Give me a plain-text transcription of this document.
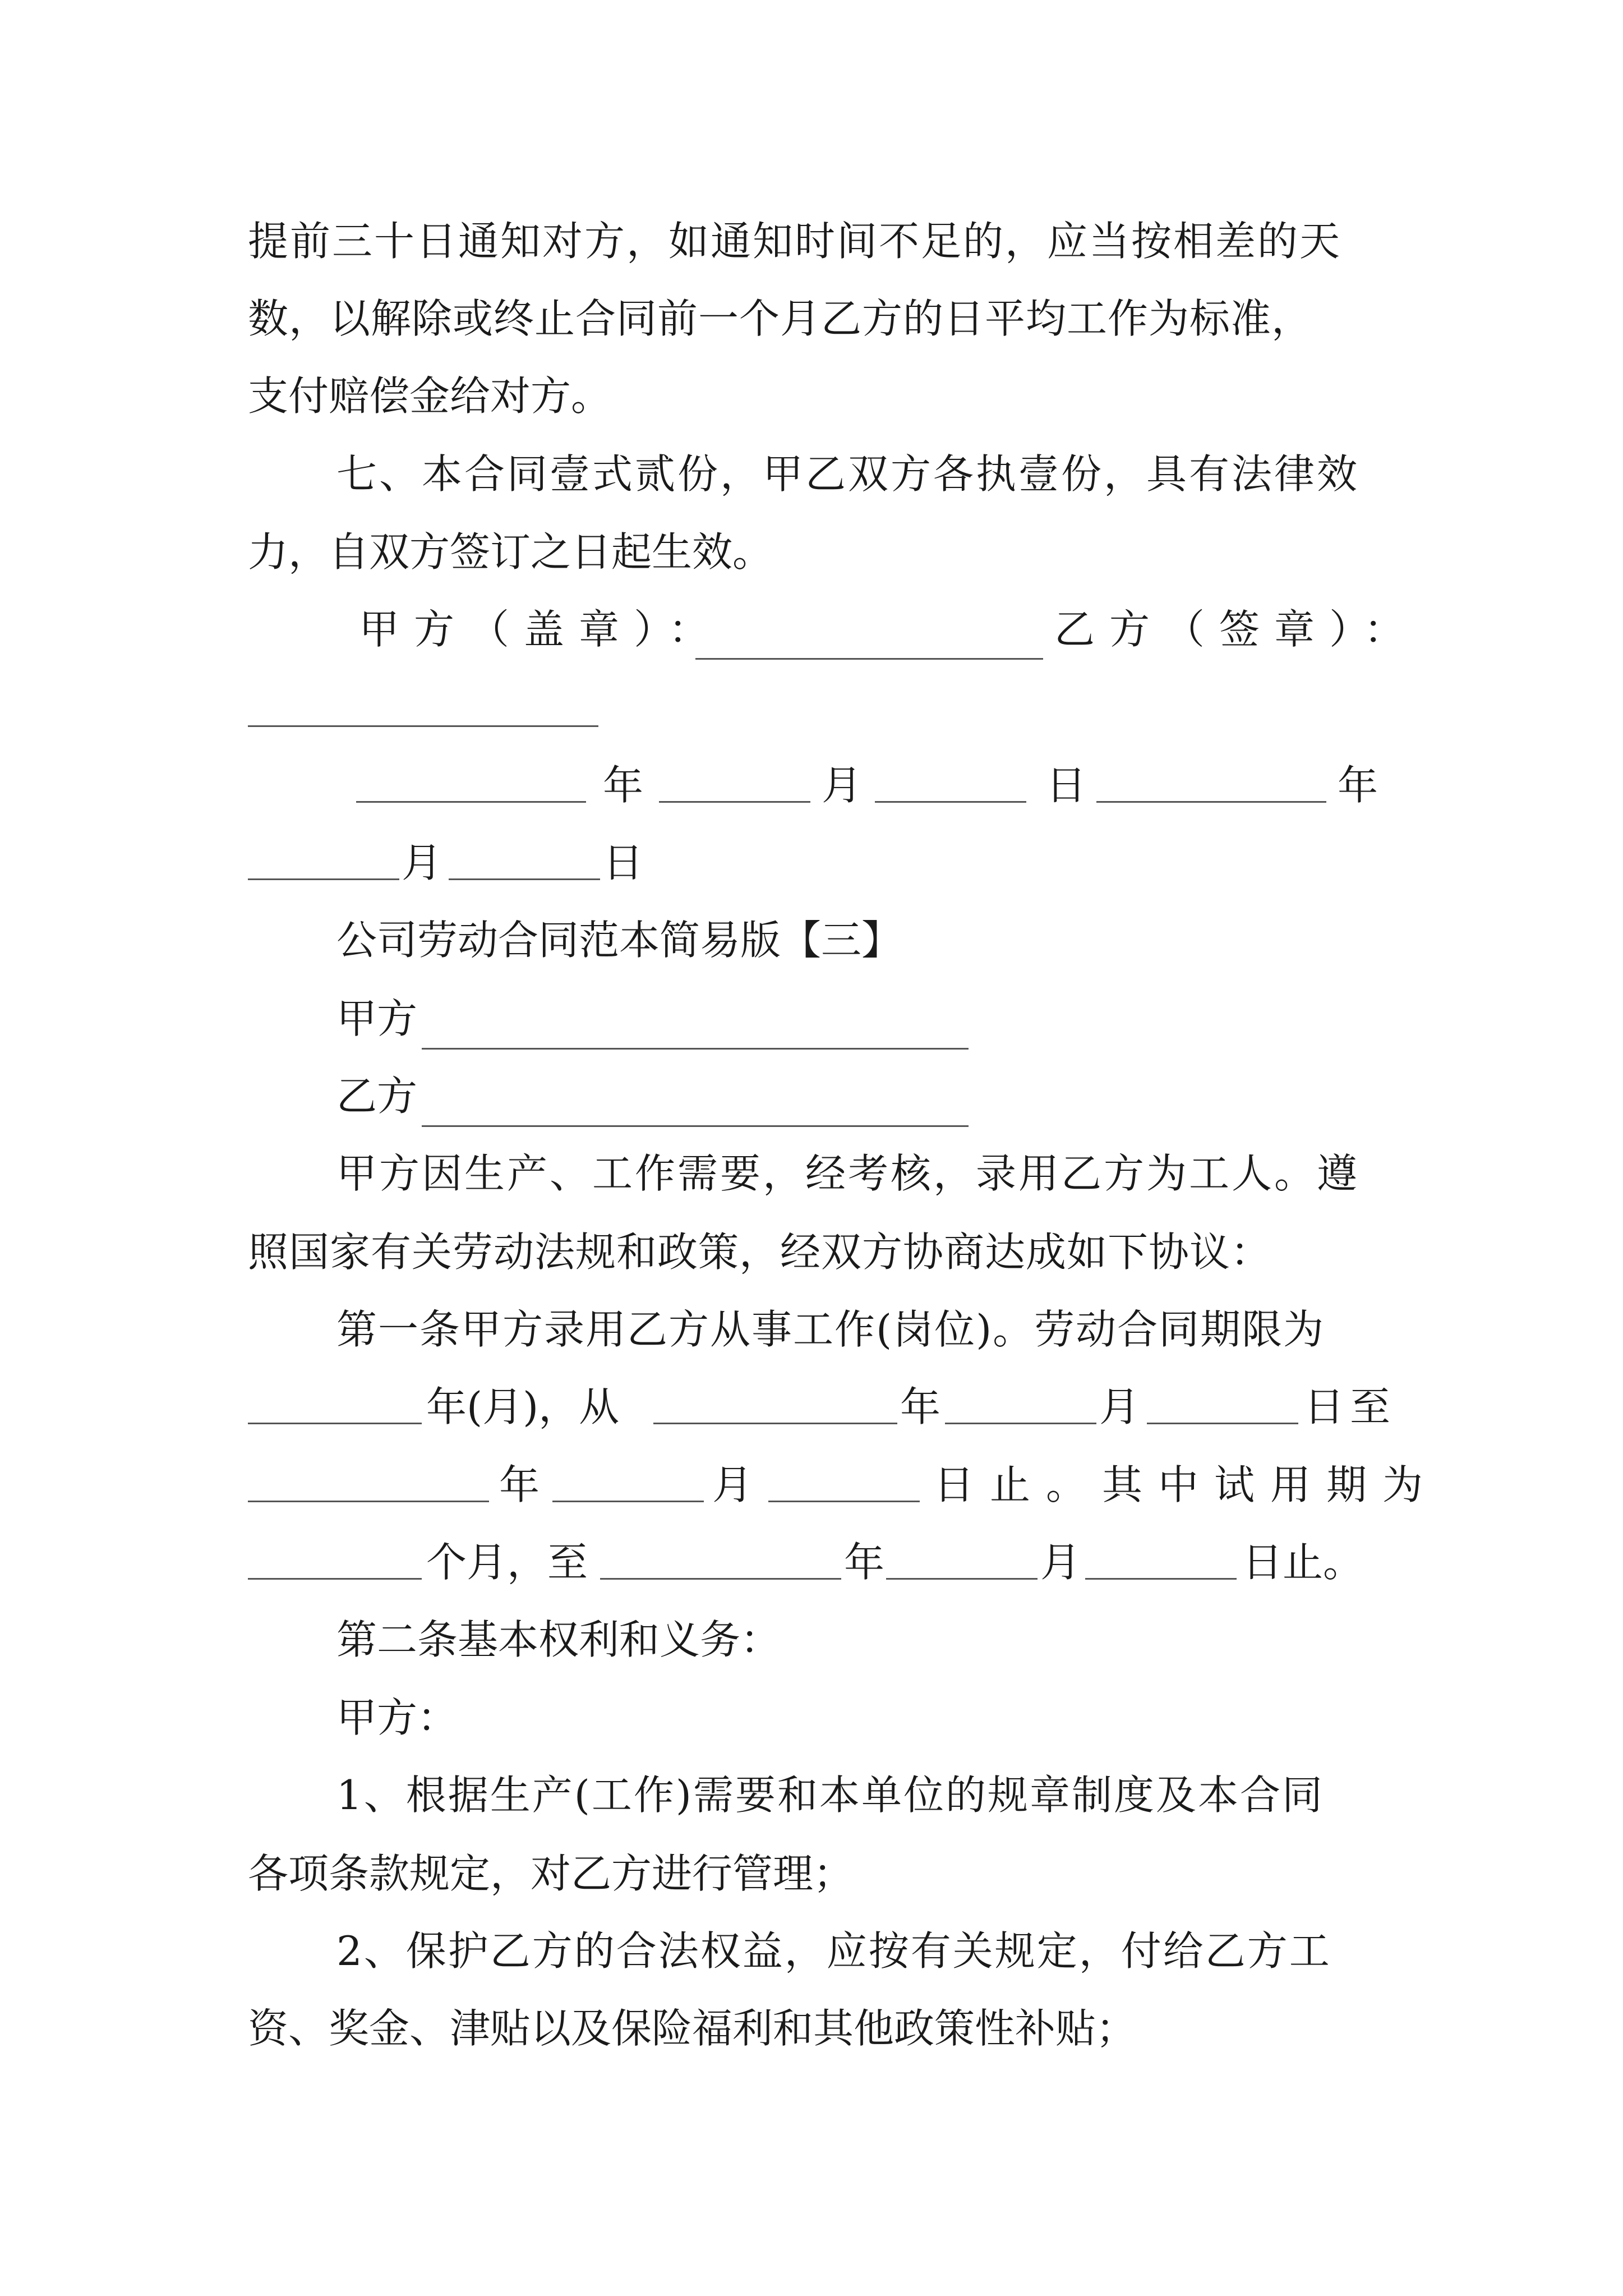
提前三十日通知对方，如通知时间不足的，应当按相差的天
数，以解除或终止合同前一个月乙方的日平均工作为标准，
支付赔偿金给对方。
七、本合同壹式贰份，甲乙双方各执壹份，具有法律效
力，自双方签订之日起生效。
甲方（盖章）：	乙方（签章）：
年	月	日	年
月	日
公司劳动合同范本简易版【三】
甲方
乙方
甲方因生产、工作需要，经考核，录用乙方为工人。遵
照国家有关劳动法规和政策，经双方协商达成如下协议：
第一条甲方录用乙方从事工作(岗位)。劳动合同期限为
年(月)，从	年	月	日至
年	月	日止。其中试用期为
个月，至	年	月	日止。
第二条基本权利和义务：
甲方：
1、根据生产(工作)需要和本单位的规章制度及本合同
各项条款规定，对乙方进行管理；
2、保护乙方的合法权益，应按有关规定，付给乙方工
资、奖金、津贴以及保险福利和其他政策性补贴；
